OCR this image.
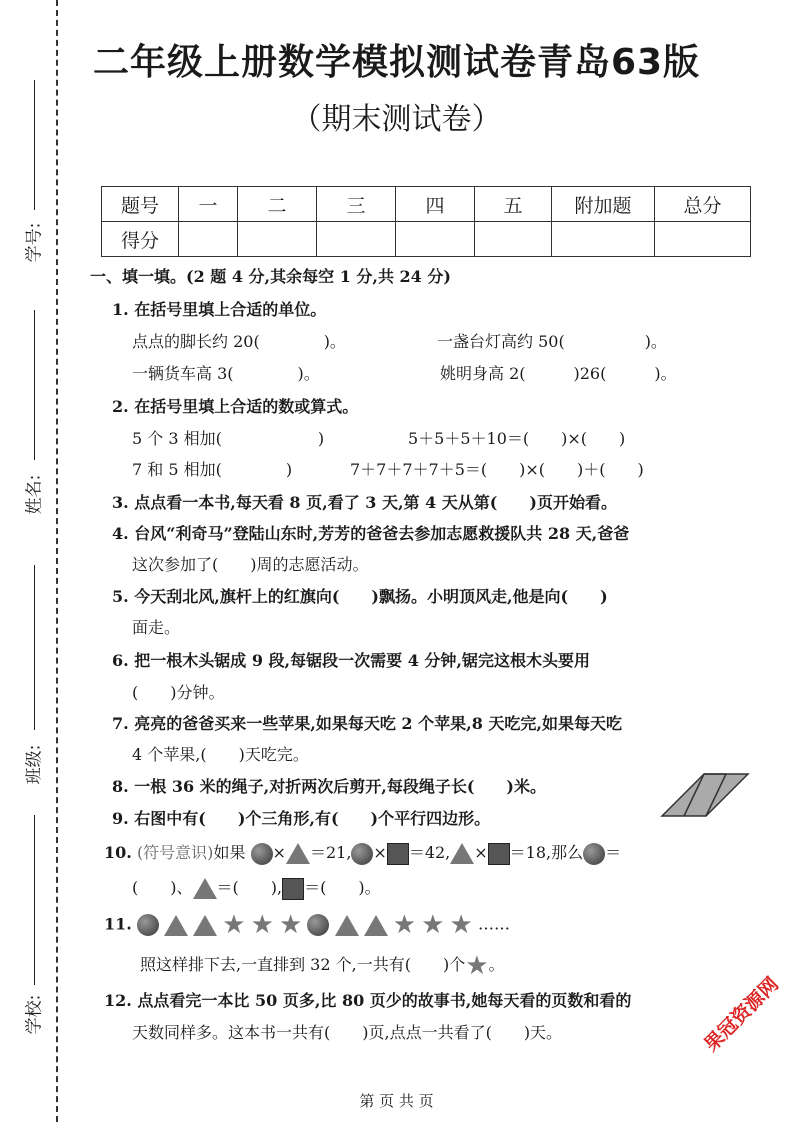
学号:
姓名:
班级:
学校:
二年级上册数学模拟测试卷青岛63版
（期末测试卷）
题号	一	二	三	四	五	附加题	总分
得分							
一、填一填。(2 题 4 分,其余每空 1 分,共 24 分)
1. 在括号里填上合适的单位。
点点的脚长约 20(　　　　)。	一盏台灯高约 50(　　　　　)。
一辆货车高 3(　　　　)。	姚明身高 2(　　　)26(　　　)。
2. 在括号里填上合适的数或算式。
5 个 3 相加(　　　　　　)	5＋5＋5＋10＝(　　)×(　　)
7 和 5 相加(　　　　)	7＋7＋7＋7＋5＝(　　)×(　　)＋(　　)
3. 点点看一本书,每天看 8 页,看了 3 天,第 4 天从第(　　)页开始看。
4. 台风“利奇马”登陆山东时,芳芳的爸爸去参加志愿救援队共 28 天,爸爸
这次参加了(　　)周的志愿活动。
5. 今天刮北风,旗杆上的红旗向(　　)飘扬。小明顶风走,他是向(　　)
面走。
6. 把一根木头锯成 9 段,每锯段一次需要 4 分钟,锯完这根木头要用
(　　)分钟。
7. 亮亮的爸爸买来一些苹果,如果每天吃 2 个苹果,8 天吃完,如果每天吃
4 个苹果,(　　)天吃完。
8. 一根 36 米的绳子,对折两次后剪开,每段绳子长(　　)米。
9. 右图中有(　　)个三角形,有(　　)个平行四边形。
10. (符号意识)如果 × ＝21, × ＝42, × ＝18,那么 ＝
(　　)、 ＝(　　), ＝(　　)。
11.	★ ★ ★	★ ★ ★ ……
照这样排下去,一直排到 32 个,一共有(　　)个★。
12. 点点看完一本比 50 页多,比 80 页少的故事书,她每天看的页数和看的
天数同样多。这本书一共有(　　)页,点点一共看了(　　)天。	果冠资源网
第 页 共 页
